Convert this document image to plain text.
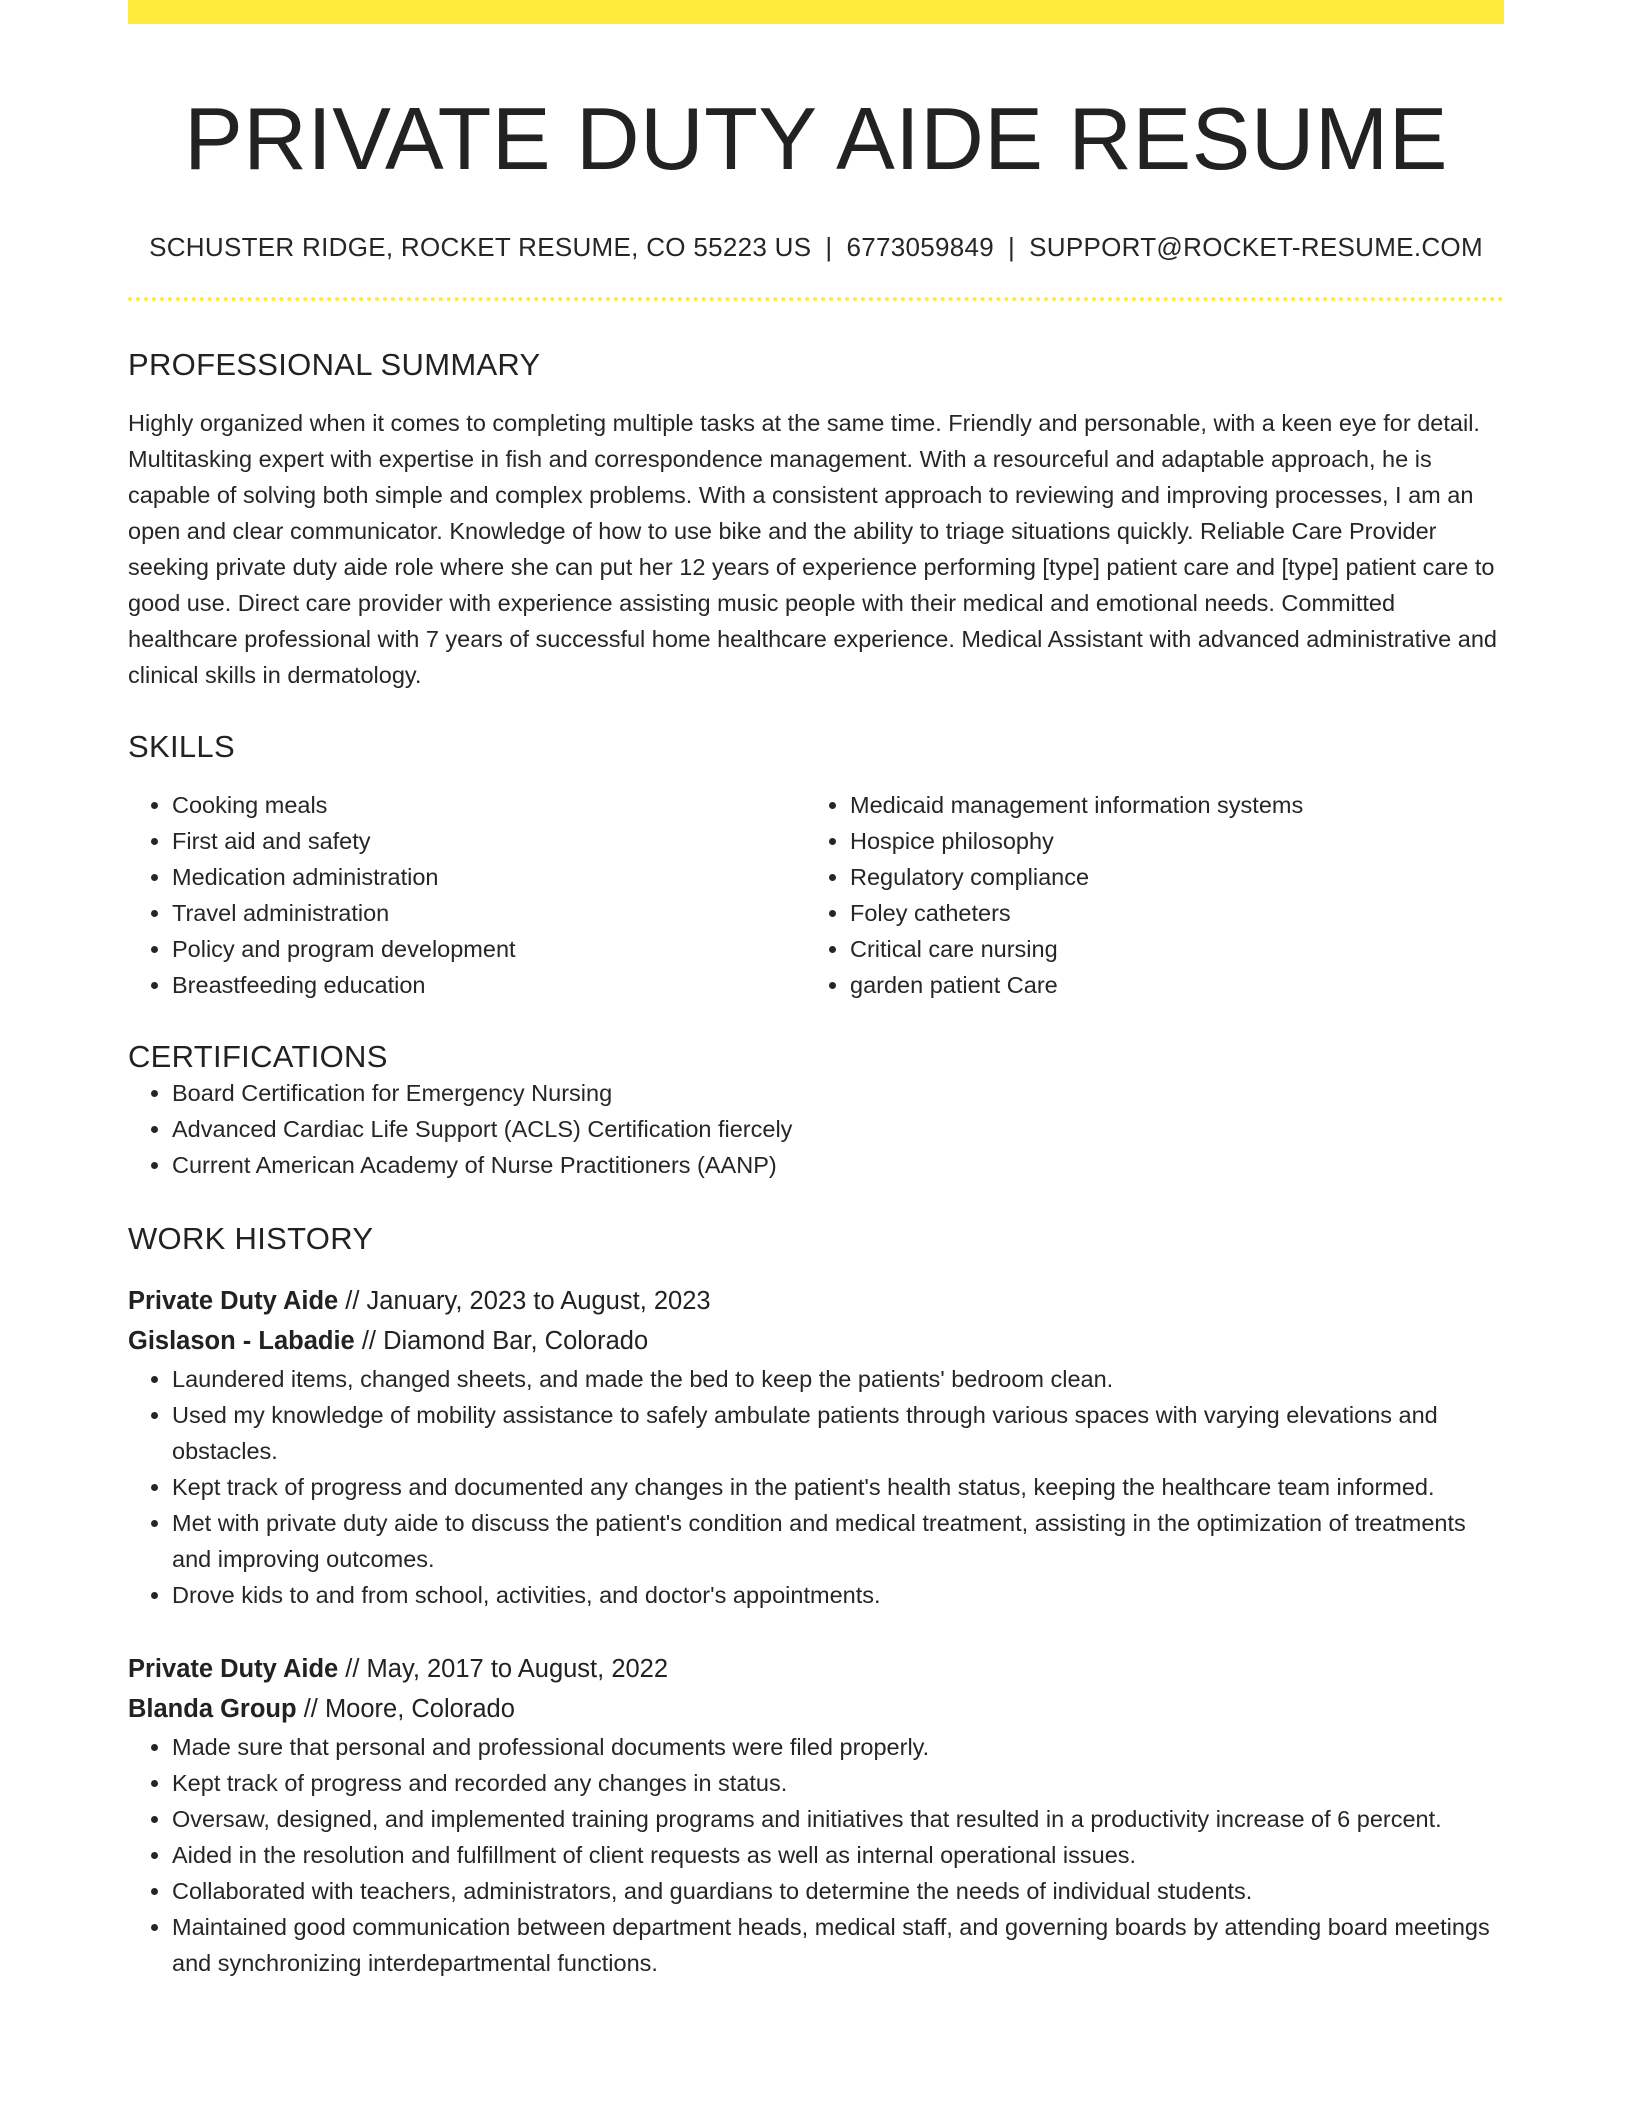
PRIVATE DUTY AIDE RESUME
SCHUSTER RIDGE, ROCKET RESUME, CO 55223 US | 6773059849 | SUPPORT@ROCKET-RESUME.COM
PROFESSIONAL SUMMARY
Highly organized when it comes to completing multiple tasks at the same time. Friendly and personable, with a keen eye for detail. Multitasking expert with expertise in fish and correspondence management. With a resourceful and adaptable approach, he is capable of solving both simple and complex problems. With a consistent approach to reviewing and improving processes, I am an open and clear communicator. Knowledge of how to use bike and the ability to triage situations quickly. Reliable Care Provider seeking private duty aide role where she can put her 12 years of experience performing [type] patient care and [type] patient care to good use. Direct care provider with experience assisting music people with their medical and emotional needs. Committed healthcare professional with 7 years of successful home healthcare experience. Medical Assistant with advanced administrative and clinical skills in dermatology.
SKILLS
• Cooking meals
• First aid and safety
• Medication administration
• Travel administration
• Policy and program development
• Breastfeeding education
• Medicaid management information systems
• Hospice philosophy
• Regulatory compliance
• Foley catheters
• Critical care nursing
• garden patient Care
CERTIFICATIONS
• Board Certification for Emergency Nursing
• Advanced Cardiac Life Support (ACLS) Certification fiercely
• Current American Academy of Nurse Practitioners (AANP)
WORK HISTORY
Private Duty Aide // January, 2023 to August, 2023
Gislason - Labadie // Diamond Bar, Colorado
• Laundered items, changed sheets, and made the bed to keep the patients' bedroom clean.
• Used my knowledge of mobility assistance to safely ambulate patients through various spaces with varying elevations and obstacles.
• Kept track of progress and documented any changes in the patient's health status, keeping the healthcare team informed.
• Met with private duty aide to discuss the patient's condition and medical treatment, assisting in the optimization of treatments and improving outcomes.
• Drove kids to and from school, activities, and doctor's appointments.
Private Duty Aide // May, 2017 to August, 2022
Blanda Group // Moore, Colorado
• Made sure that personal and professional documents were filed properly.
• Kept track of progress and recorded any changes in status.
• Oversaw, designed, and implemented training programs and initiatives that resulted in a productivity increase of 6 percent.
• Aided in the resolution and fulfillment of client requests as well as internal operational issues.
• Collaborated with teachers, administrators, and guardians to determine the needs of individual students.
• Maintained good communication between department heads, medical staff, and governing boards by attending board meetings and synchronizing interdepartmental functions.
